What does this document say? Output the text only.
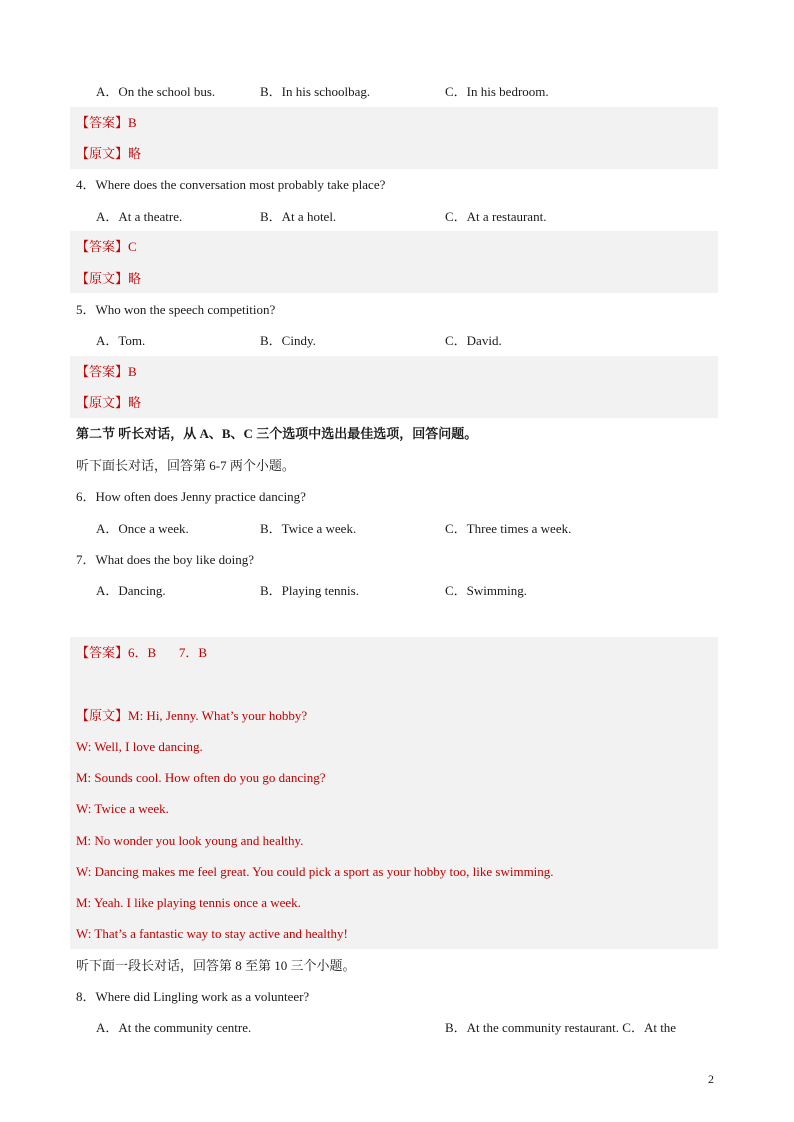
A．On the school bus.	B．In his schoolbag.	C．In his bedroom.
【答案】B
【原文】略
4．Where does the conversation most probably take place?
A．At a theatre.	B．At a hotel.	C．At a restaurant.
【答案】C
【原文】略
5．Who won the speech competition?
A．Tom.	B．Cindy.	C．David.
【答案】B
【原文】略
第二节 听长对话，从 A、B、C 三个选项中选出最佳选项，回答问题。
听下面长对话，回答第 6-7 两个小题。
6．How often does Jenny practice dancing?
A．Once a week.	B．Twice a week.	C．Three times a week.
7．What does the boy like doing?
A．Dancing.	B．Playing tennis.	C．Swimming.
【答案】6．B       7．B
【原文】M: Hi, Jenny. What’s your hobby?
W: Well, I love dancing.
M: Sounds cool. How often do you go dancing?
W: Twice a week.
M: No wonder you look young and healthy.
W: Dancing makes me feel great. You could pick a sport as your hobby too, like swimming.
M: Yeah. I like playing tennis once a week.
W: That’s a fantastic way to stay active and healthy!
听下面一段长对话，回答第 8 至第 10 三个小题。
8．Where did Lingling work as a volunteer?
A．At the community centre.	B．At the community restaurant. C．At the
2
